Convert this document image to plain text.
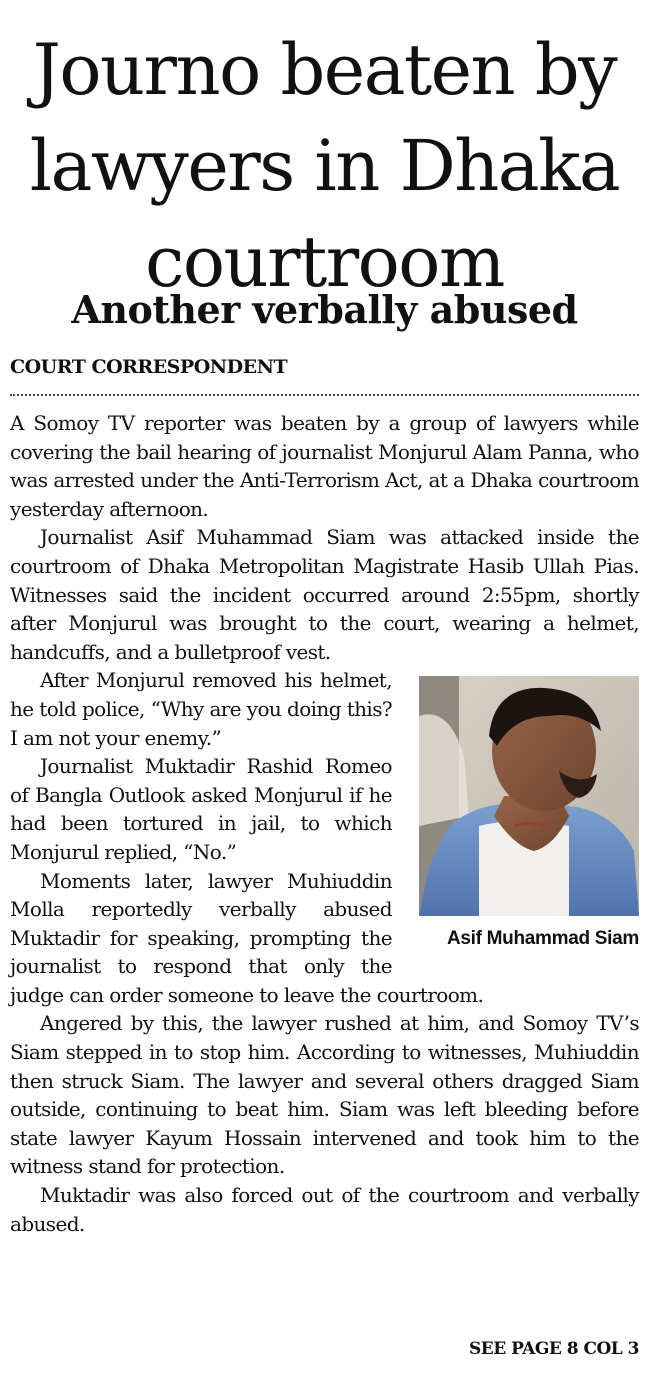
Journo beaten by
lawyers in Dhaka
courtroom
Another verbally abused
COURT CORRESPONDENT

A Somoy TV reporter was beaten by a group of lawyers while covering the bail hearing of journalist Monjurul Alam Panna, who was arrested under the Anti-Terrorism Act, at a Dhaka courtroom yesterday afternoon.

Journalist Asif Muhammad Siam was attacked inside the courtroom of Dhaka Metropolitan Magistrate Hasib Ullah Pias. Witnesses said the incident occurred around 2:55pm, shortly after Monjurul was brought to the court, wearing a helmet, handcuffs, and a bulletproof vest.

Asif Muhammad Siam

After Monjurul removed his helmet, he told police, “Why are you doing this? I am not your enemy.”

Journalist Muktadir Rashid Romeo of Bangla Outlook asked Monjurul if he had been tortured in jail, to which Monjurul replied, “No.”

Moments later, lawyer Muhiuddin Molla reportedly verbally abused Muktadir for speaking, prompting the journalist to respond that only the judge can order someone to leave the courtroom.

Angered by this, the lawyer rushed at him, and Somoy TV’s Siam stepped in to stop him. According to witnesses, Muhiuddin then struck Siam. The lawyer and several others dragged Siam outside, continuing to beat him. Siam was left bleeding before state lawyer Kayum Hossain intervened and took him to the witness stand for protection.

Muktadir was also forced out of the courtroom and verbally abused.

SEE PAGE 8 COL 3
